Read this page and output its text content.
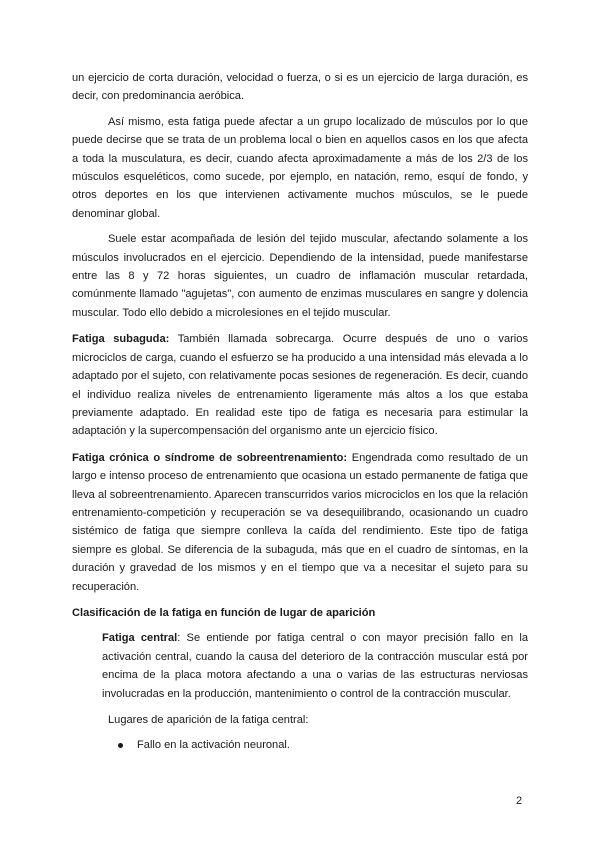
un ejercicio de corta duración, velocidad o fuerza, o si es un ejercicio de larga duración, es decir, con predominancia aeróbica.

Así mismo, esta fatiga puede afectar a un grupo localizado de músculos por lo que puede decirse que se trata de un problema local o bien en aquellos casos en los que afecta a toda la musculatura, es decir, cuando afecta aproximadamente a más de los 2/3 de los músculos esqueléticos, como sucede, por ejemplo, en natación, remo, esquí de fondo, y otros deportes en los que intervienen activamente muchos músculos, se le puede denominar global.

Suele estar acompañada de lesión del tejido muscular, afectando solamente a los músculos involucrados en el ejercicio. Dependiendo de la intensidad, puede manifestarse entre las 8 y 72 horas siguientes, un cuadro de inflamación muscular retardada, comúnmente llamado "agujetas", con aumento de enzimas musculares en sangre y dolencia muscular. Todo ello debido a microlesiones en el tejido muscular.

Fatiga subaguda: También llamada sobrecarga. Ocurre después de uno o varios microciclos de carga, cuando el esfuerzo se ha producido a una intensidad más elevada a lo adaptado por el sujeto, con relativamente pocas sesiones de regeneración. Es decir, cuando el individuo realiza niveles de entrenamiento ligeramente más altos a los que estaba previamente adaptado. En realidad este tipo de fatiga es necesaria para estimular la adaptación y la supercompensación del organismo ante un ejercicio físico.

Fatiga crónica o síndrome de sobreentrenamiento: Engendrada como resultado de un largo e intenso proceso de entrenamiento que ocasiona un estado permanente de fatiga que lleva al sobreentrenamiento. Aparecen transcurridos varios microciclos en los que la relación entrenamiento-competición y recuperación se va desequilibrando, ocasionando un cuadro sistémico de fatiga que siempre conlleva la caída del rendimiento. Este tipo de fatiga siempre es global. Se diferencia de la subaguda, más que en el cuadro de síntomas, en la duración y gravedad de los mismos y en el tiempo que va a necesitar el sujeto para su recuperación.

Clasificación de la fatiga en función de lugar de aparición

Fatiga central: Se entiende por fatiga central o con mayor precisión fallo en la activación central, cuando la causa del deterioro de la contracción muscular está por encima de la placa motora afectando a una o varias de las estructuras nerviosas involucradas en la producción, mantenimiento o control de la contracción muscular.

Lugares de aparición de la fatiga central:

Fallo en la activación neuronal.
2
